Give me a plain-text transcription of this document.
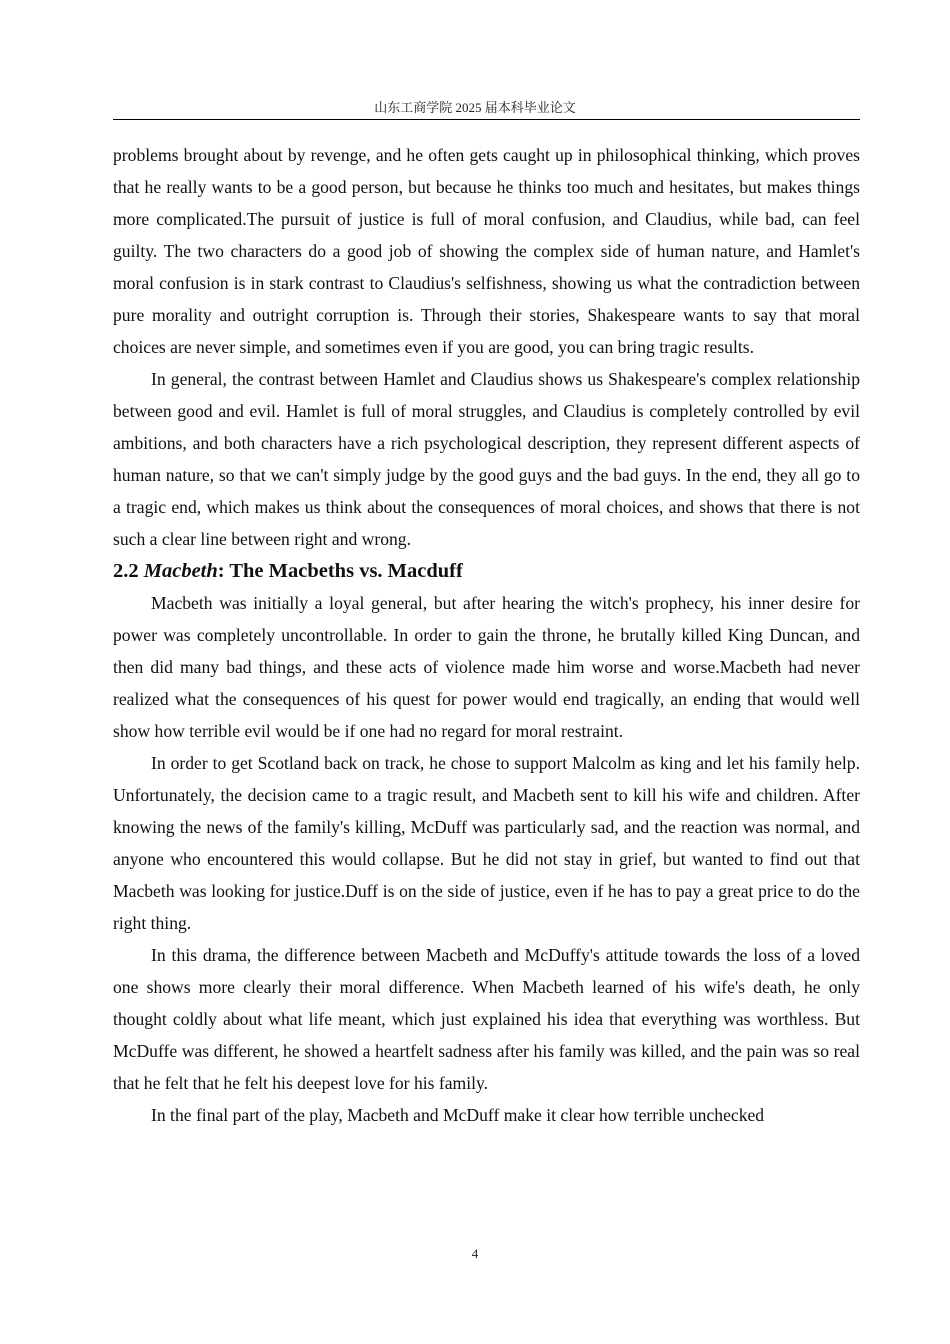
山东工商学院 2025 届本科毕业论文

problems brought about by revenge, and he often gets caught up in philosophical thinking, which proves that he really wants to be a good person, but because he thinks too much and hesitates, but makes things more complicated.The pursuit of justice is full of moral confusion, and Claudius, while bad, can feel guilty. The two characters do a good job of showing the complex side of human nature, and Hamlet's moral confusion is in stark contrast to Claudius's selfishness, showing us what the contradiction between pure morality and outright corruption is. Through their stories, Shakespeare wants to say that moral choices are never simple, and sometimes even if you are good, you can bring tragic results.

In general, the contrast between Hamlet and Claudius shows us Shakespeare's complex relationship between good and evil. Hamlet is full of moral struggles, and Claudius is completely controlled by evil ambitions, and both characters have a rich psychological description, they represent different aspects of human nature, so that we can't simply judge by the good guys and the bad guys. In the end, they all go to a tragic end, which makes us think about the consequences of moral choices, and shows that there is not such a clear line between right and wrong.

2.2 Macbeth: The Macbeths vs. Macduff

Macbeth was initially a loyal general, but after hearing the witch's prophecy, his inner desire for power was completely uncontrollable. In order to gain the throne, he brutally killed King Duncan, and then did many bad things, and these acts of violence made him worse and worse.Macbeth had never realized what the consequences of his quest for power would end tragically, an ending that would well show how terrible evil would be if one had no regard for moral restraint.

In order to get Scotland back on track, he chose to support Malcolm as king and let his family help. Unfortunately, the decision came to a tragic result, and Macbeth sent to kill his wife and children. After knowing the news of the family's killing, McDuff was particularly sad, and the reaction was normal, and anyone who encountered this would collapse. But he did not stay in grief, but wanted to find out that Macbeth was looking for justice.Duff is on the side of justice, even if he has to pay a great price to do the right thing.

In this drama, the difference between Macbeth and McDuffy's attitude towards the loss of a loved one shows more clearly their moral difference. When Macbeth learned of his wife's death, he only thought coldly about what life meant, which just explained his idea that everything was worthless. But McDuffe was different, he showed a heartfelt sadness after his family was killed, and the pain was so real that he felt that he felt his deepest love for his family.

In the final part of the play, Macbeth and McDuff make it clear how terrible unchecked

4
